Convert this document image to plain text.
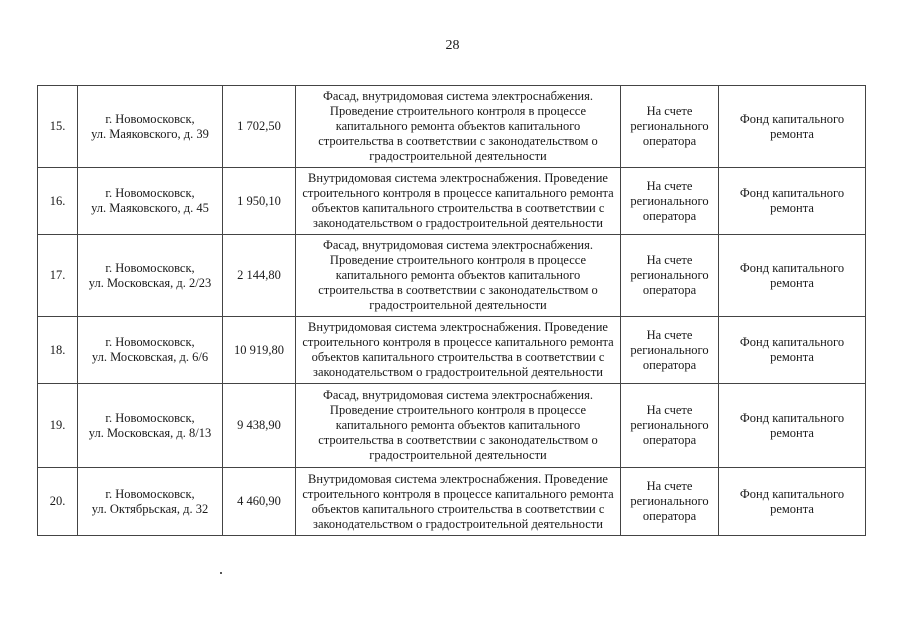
28
15.	г. Новомосковск,
ул. Маяковского, д. 39	1 702,50	Фасад, внутридомовая система электроснабжения. Проведение строительного контроля в процессе капитального ремонта объектов капитального строительства в соответствии с законодательством о градостроительной деятельности	На счете регионального оператора	Фонд капитального ремонта
16.	г. Новомосковск,
ул. Маяковского, д. 45	1 950,10	Внутридомовая система электроснабжения. Проведение строительного контроля в процессе капитального ремонта объектов капитального строительства в соответствии с законодательством о градостроительной деятельности	На счете регионального оператора	Фонд капитального ремонта
17.	г. Новомосковск,
ул. Московская, д. 2/23	2 144,80	Фасад, внутридомовая система электроснабжения. Проведение строительного контроля в процессе капитального ремонта объектов капитального строительства в соответствии с законодательством о градостроительной деятельности	На счете регионального оператора	Фонд капитального ремонта
18.	г. Новомосковск,
ул. Московская, д. 6/6	10 919,80	Внутридомовая система электроснабжения. Проведение строительного контроля в процессе капитального ремонта объектов капитального строительства в соответствии с законодательством о градостроительной деятельности	На счете регионального оператора	Фонд капитального ремонта
19.	г. Новомосковск,
ул. Московская, д. 8/13	9 438,90	Фасад, внутридомовая система электроснабжения. Проведение строительного контроля в процессе капитального ремонта объектов капитального строительства в соответствии с законодательством о градостроительной деятельности	На счете регионального оператора	Фонд капитального ремонта
20.	г. Новомосковск,
ул. Октябрьская, д. 32	4 460,90	Внутридомовая система электроснабжения. Проведение строительного контроля в процессе капитального ремонта объектов капитального строительства в соответствии с законодательством о градостроительной деятельности	На счете регионального оператора	Фонд капитального ремонта
